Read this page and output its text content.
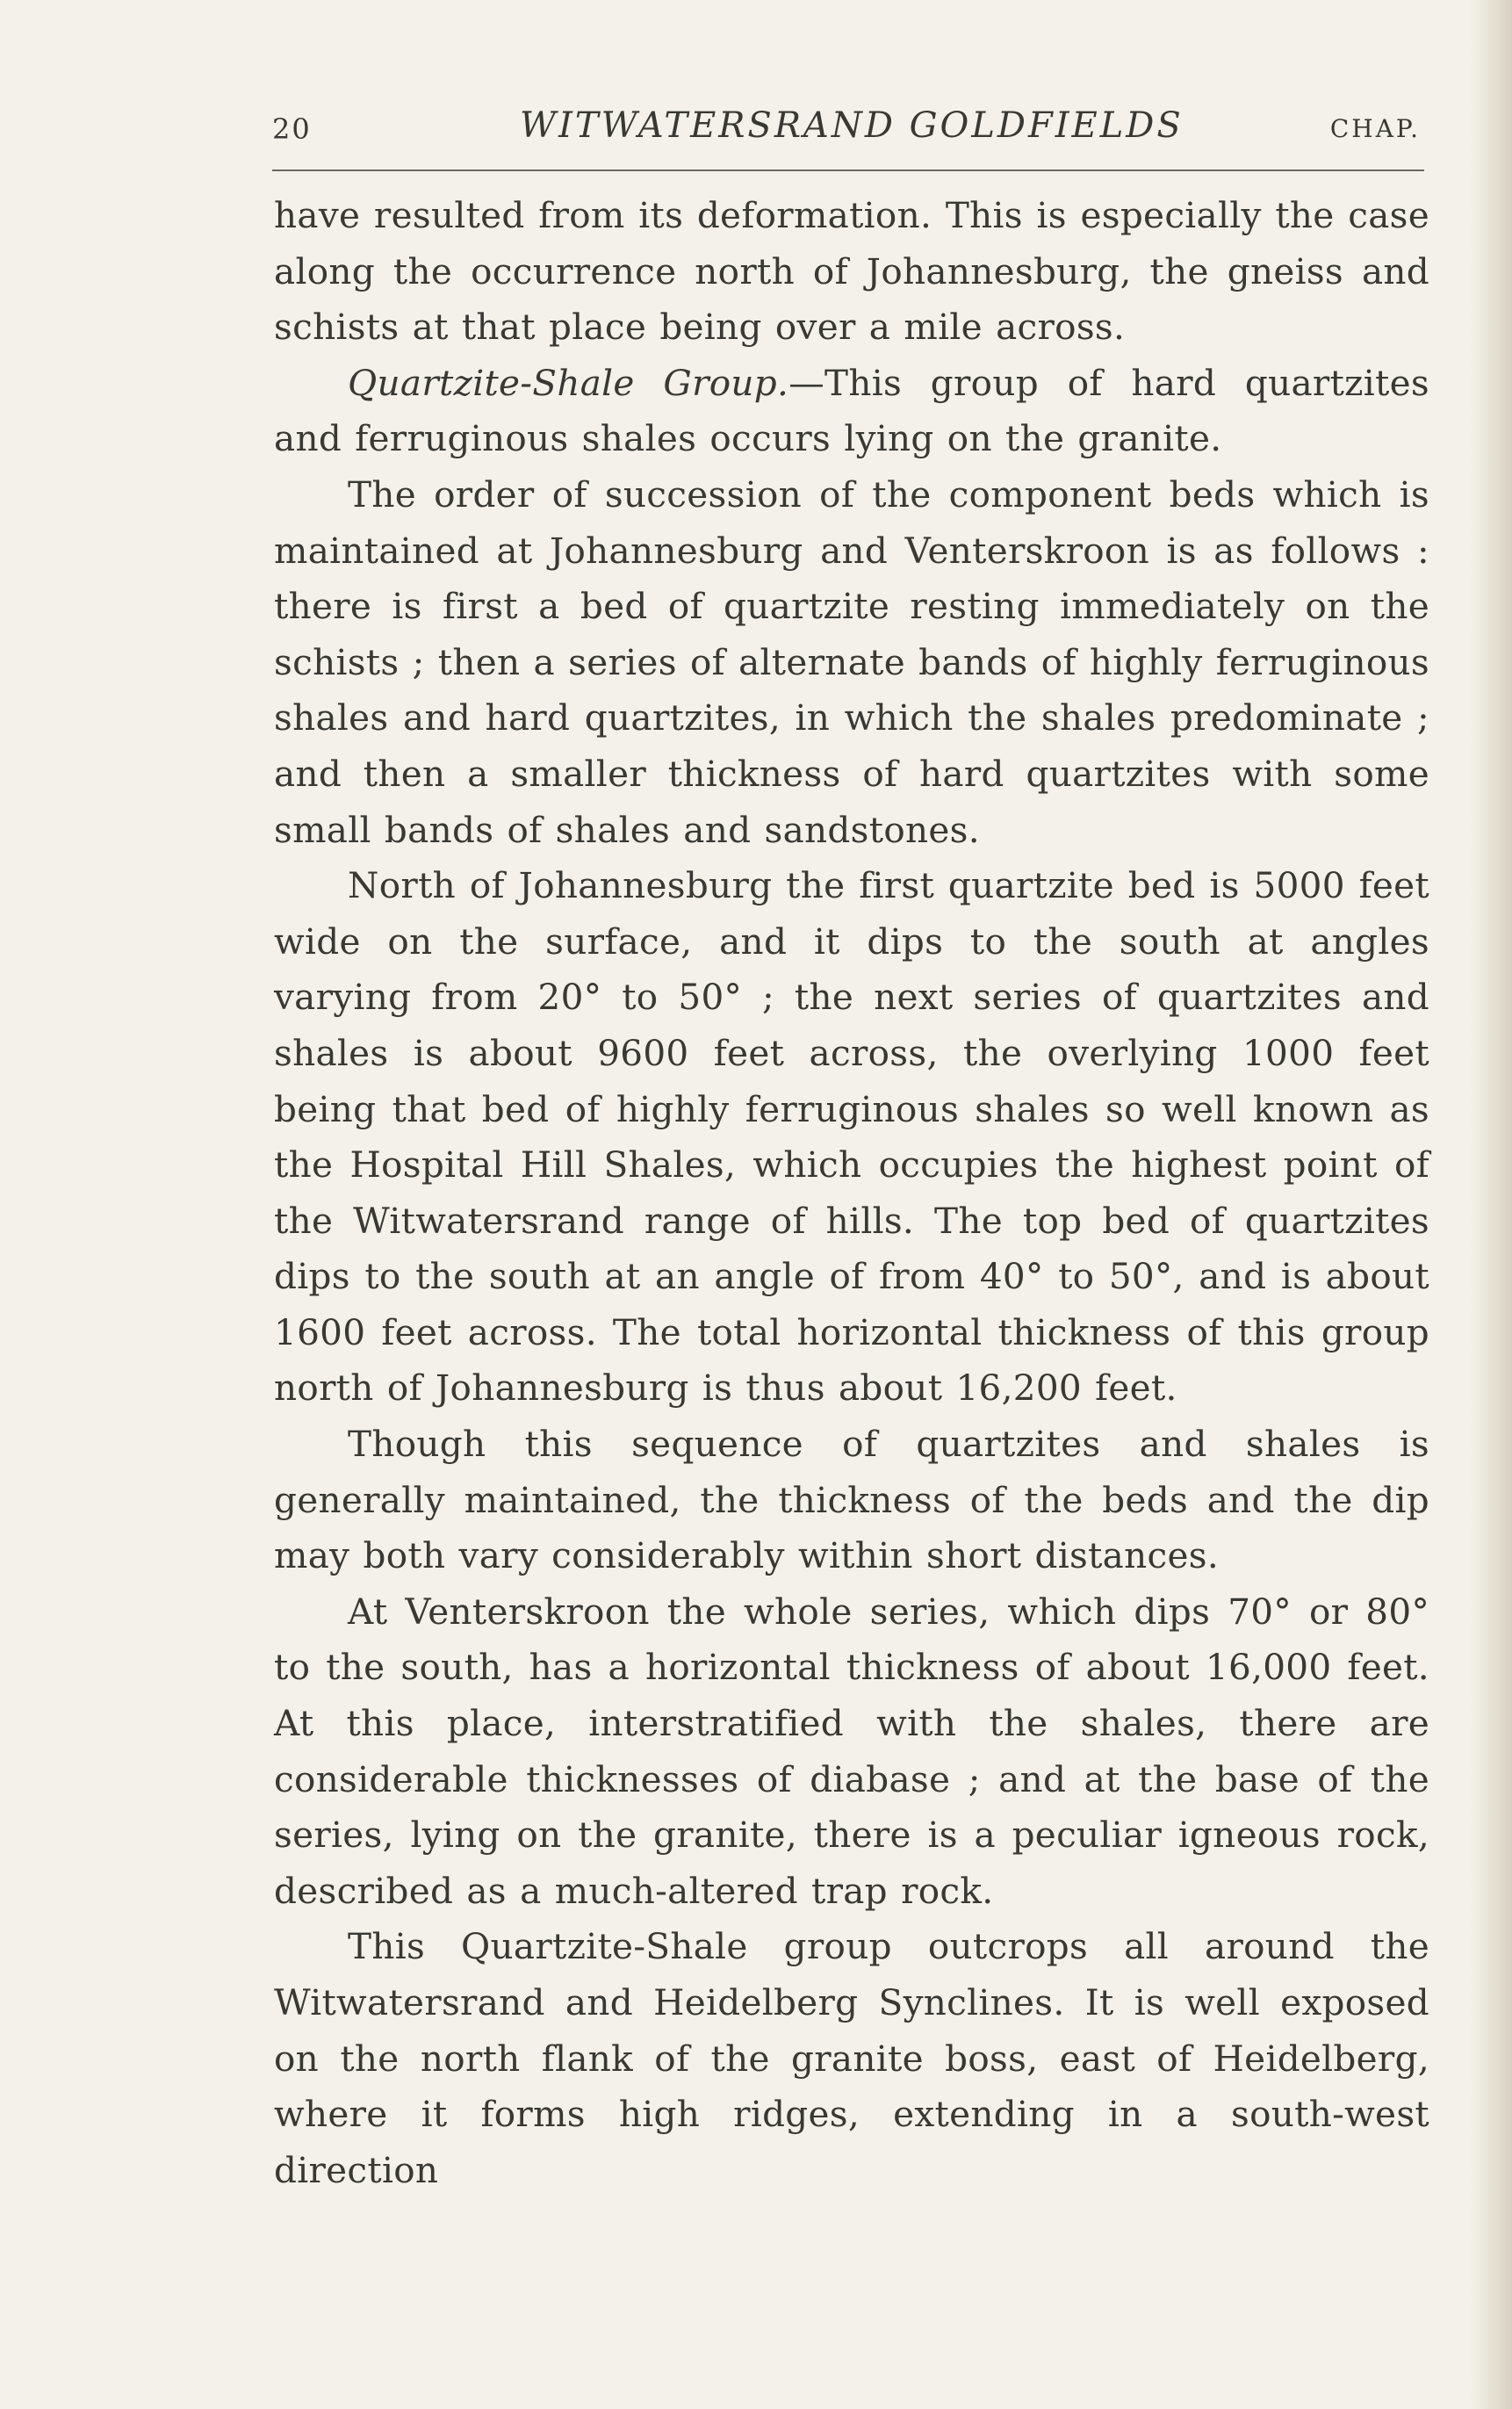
20	WITWATERSRAND GOLDFIELDS	CHAP.

have resulted from its deformation. This is especially the case along the occurrence north of Johannesburg, the gneiss and schists at that place being over a mile across.

Quartzite-Shale Group.—This group of hard quartzites and ferruginous shales occurs lying on the granite.

The order of succession of the component beds which is maintained at Johannesburg and Venterskroon is as follows : there is first a bed of quartzite resting immediately on the schists ; then a series of alternate bands of highly ferruginous shales and hard quartzites, in which the shales predominate ; and then a smaller thickness of hard quartzites with some small bands of shales and sandstones.

North of Johannesburg the first quartzite bed is 5000 feet wide on the surface, and it dips to the south at angles varying from 20° to 50° ; the next series of quartzites and shales is about 9600 feet across, the overlying 1000 feet being that bed of highly ferruginous shales so well known as the Hospital Hill Shales, which occupies the highest point of the Witwatersrand range of hills. The top bed of quartzites dips to the south at an angle of from 40° to 50°, and is about 1600 feet across. The total horizontal thickness of this group north of Johannesburg is thus about 16,200 feet.

Though this sequence of quartzites and shales is generally maintained, the thickness of the beds and the dip may both vary considerably within short distances.

At Venterskroon the whole series, which dips 70° or 80° to the south, has a horizontal thickness of about 16,000 feet. At this place, interstratified with the shales, there are considerable thicknesses of diabase ; and at the base of the series, lying on the granite, there is a peculiar igneous rock, described as a much-altered trap rock.

This Quartzite-Shale group outcrops all around the Witwatersrand and Heidelberg Synclines. It is well exposed on the north flank of the granite boss, east of Heidelberg, where it forms high ridges, extending in a south-west direction
